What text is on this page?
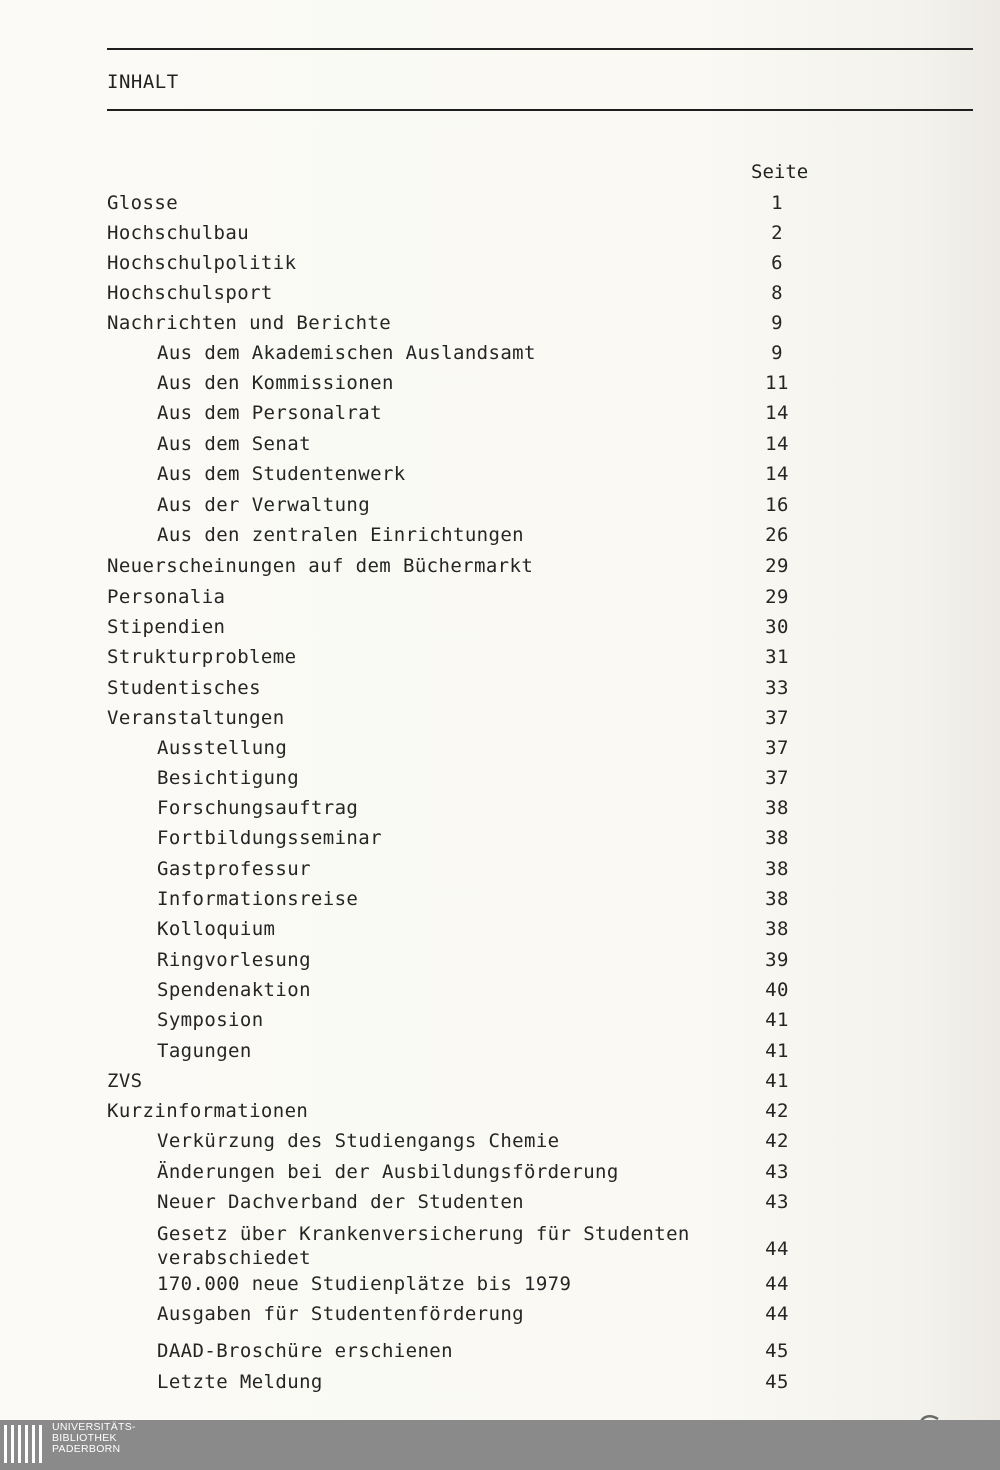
INHALT
Seite
Glosse	1
Hochschulbau	2
Hochschulpolitik	6
Hochschulsport	8
Nachrichten und Berichte	9
Aus dem Akademischen Auslandsamt	9
Aus den Kommissionen	11
Aus dem Personalrat	14
Aus dem Senat	14
Aus dem Studentenwerk	14
Aus der Verwaltung	16
Aus den zentralen Einrichtungen	26
Neuerscheinungen auf dem Büchermarkt	29
Personalia	29
Stipendien	30
Strukturprobleme	31
Studentisches	33
Veranstaltungen	37
Ausstellung	37
Besichtigung	37
Forschungsauftrag	38
Fortbildungsseminar	38
Gastprofessur	38
Informationsreise	38
Kolloquium	38
Ringvorlesung	39
Spendenaktion	40
Symposion	41
Tagungen	41
ZVS	41
Kurzinformationen	42
Verkürzung des Studiengangs Chemie	42
Änderungen bei der Ausbildungsförderung	43
Neuer Dachverband der Studenten	43
Gesetz über Krankenversicherung für Studenten
verabschiedet	44
170.000 neue Studienplätze bis 1979	44
Ausgaben für Studentenförderung	44
DAAD-Broschüre erschienen	45
Letzte Meldung	45
UNIVERSITÄTS-
BIBLIOTHEK
PADERBORN
